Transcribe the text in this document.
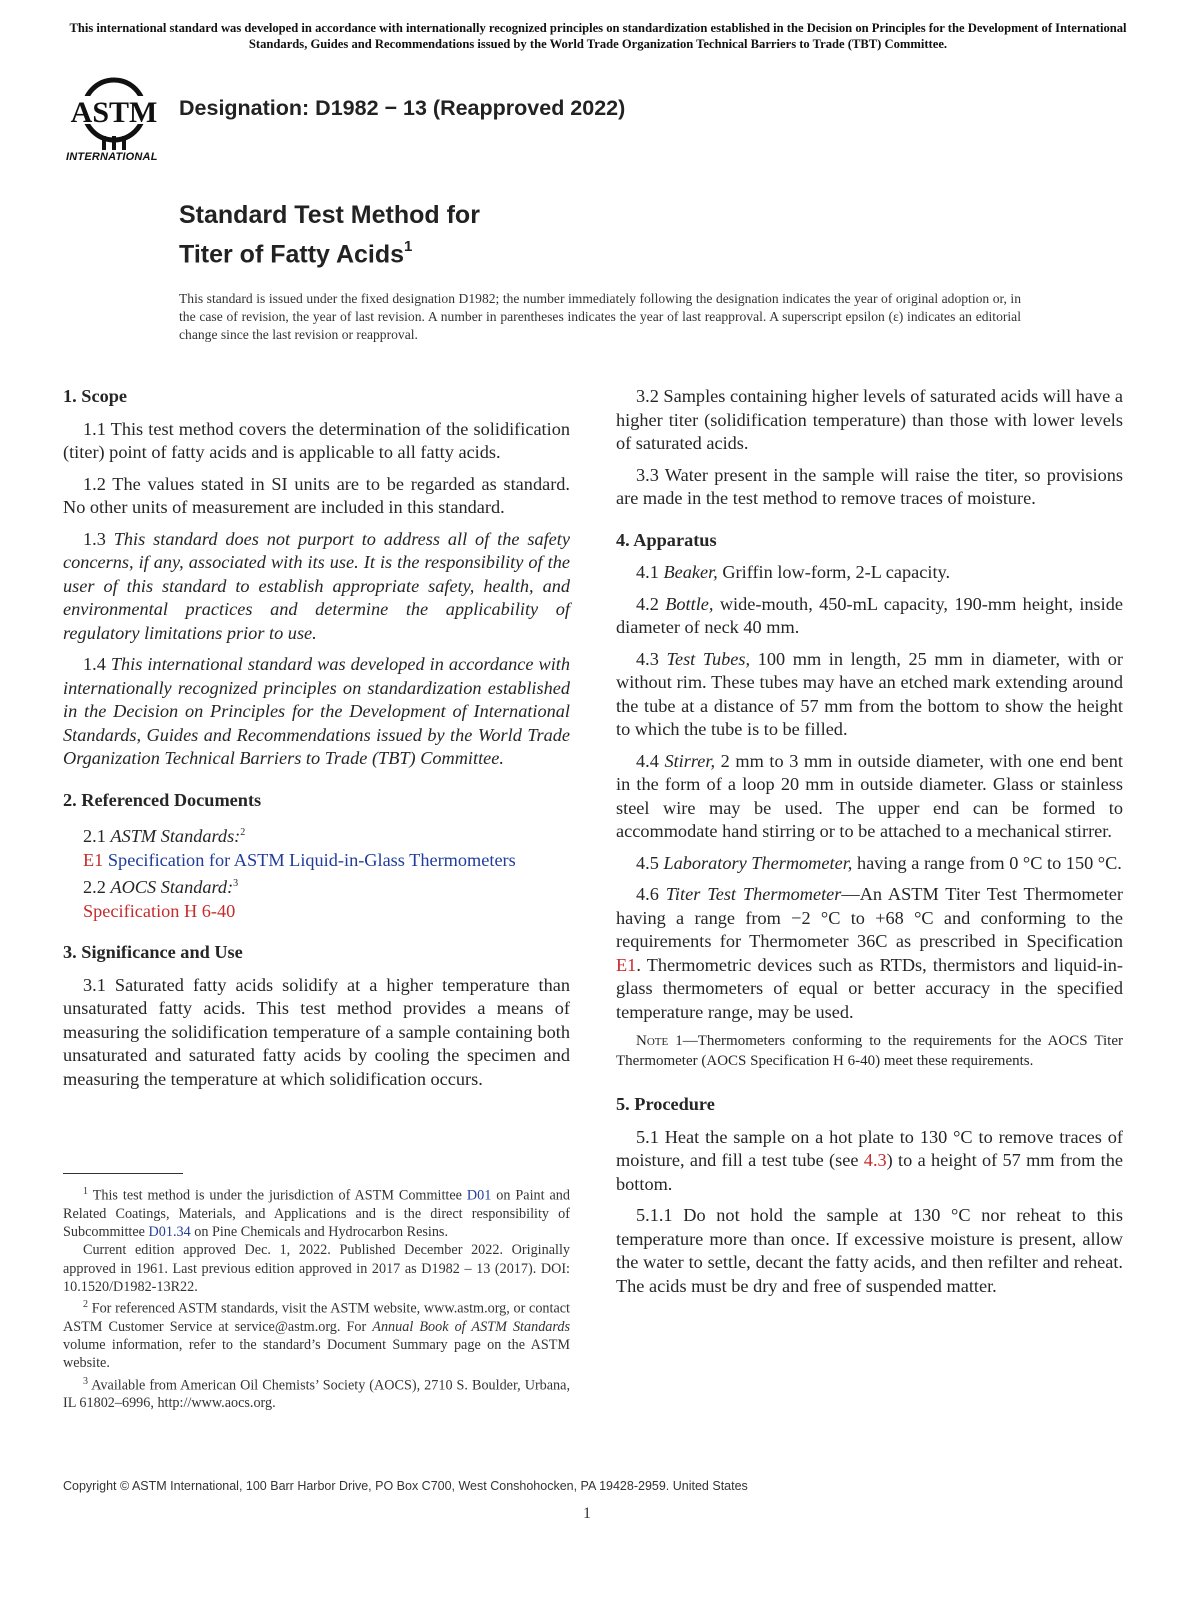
This international standard was developed in accordance with internationally recognized principles on standardization established in the Decision on Principles for the Development of International Standards, Guides and Recommendations issued by the World Trade Organization Technical Barriers to Trade (TBT) Committee.
ASTM
INTERNATIONAL
Designation: D1982 − 13 (Reapproved 2022)
Standard Test Method for
Titer of Fatty Acids$^1$
This standard is issued under the fixed designation D1982; the number immediately following the designation indicates the year of original adoption or, in the case of revision, the year of last revision. A number in parentheses indicates the year of last reapproval. A superscript epsilon (ε) indicates an editorial change since the last revision or reapproval.
1. Scope

1.1 This test method covers the determination of the solidification (titer) point of fatty acids and is applicable to all fatty acids.

1.2 The values stated in SI units are to be regarded as standard. No other units of measurement are included in this standard.

1.3 This standard does not purport to address all of the safety concerns, if any, associated with its use. It is the responsibility of the user of this standard to establish appropriate safety, health, and environmental practices and determine the applicability of regulatory limitations prior to use.

1.4 This international standard was developed in accordance with internationally recognized principles on standardization established in the Decision on Principles for the Development of International Standards, Guides and Recommendations issued by the World Trade Organization Technical Barriers to Trade (TBT) Committee.

2. Referenced Documents

2.1 ASTM Standards:$^2$

E1 Specification for ASTM Liquid-in-Glass Thermometers

2.2 AOCS Standard:$^3$

Specification H 6-40

3. Significance and Use

3.1 Saturated fatty acids solidify at a higher temperature than unsaturated fatty acids. This test method provides a means of measuring the solidification temperature of a sample containing both unsaturated and saturated fatty acids by cooling the specimen and measuring the temperature at which solidification occurs.

$^1$ This test method is under the jurisdiction of ASTM Committee D01 on Paint and Related Coatings, Materials, and Applications and is the direct responsibility of Subcommittee D01.34 on Pine Chemicals and Hydrocarbon Resins.

Current edition approved Dec. 1, 2022. Published December 2022. Originally approved in 1961. Last previous edition approved in 2017 as D1982 – 13 (2017). DOI: 10.1520/D1982-13R22.

$^2$ For referenced ASTM standards, visit the ASTM website, www.astm.org, or contact ASTM Customer Service at service@astm.org. For Annual Book of ASTM Standards volume information, refer to the standard’s Document Summary page on the ASTM website.

$^3$ Available from American Oil Chemists’ Society (AOCS), 2710 S. Boulder, Urbana, IL 61802–6996, http://www.aocs.org.

3.2 Samples containing higher levels of saturated acids will have a higher titer (solidification temperature) than those with lower levels of saturated acids.

3.3 Water present in the sample will raise the titer, so provisions are made in the test method to remove traces of moisture.

4. Apparatus

4.1 Beaker, Griffin low-form, 2-L capacity.

4.2 Bottle, wide-mouth, 450-mL capacity, 190-mm height, inside diameter of neck 40 mm.

4.3 Test Tubes, 100 mm in length, 25 mm in diameter, with or without rim. These tubes may have an etched mark extending around the tube at a distance of 57 mm from the bottom to show the height to which the tube is to be filled.

4.4 Stirrer, 2 mm to 3 mm in outside diameter, with one end bent in the form of a loop 20 mm in outside diameter. Glass or stainless steel wire may be used. The upper end can be formed to accommodate hand stirring or to be attached to a mechanical stirrer.

4.5 Laboratory Thermometer, having a range from 0 °C to 150 °C.

4.6 Titer Test Thermometer—An ASTM Titer Test Thermometer having a range from −2 °C to +68 °C and conforming to the requirements for Thermometer 36C as prescribed in Specification E1. Thermometric devices such as RTDs, thermistors and liquid-in-glass thermometers of equal or better accuracy in the specified temperature range, may be used.

Note 1—Thermometers conforming to the requirements for the AOCS Titer Thermometer (AOCS Specification H 6-40) meet these requirements.

5. Procedure

5.1 Heat the sample on a hot plate to 130 °C to remove traces of moisture, and fill a test tube (see 4.3) to a height of 57 mm from the bottom.

5.1.1 Do not hold the sample at 130 °C nor reheat to this temperature more than once. If excessive moisture is present, allow the water to settle, decant the fatty acids, and then refilter and reheat. The acids must be dry and free of suspended matter.

Copyright © ASTM International, 100 Barr Harbor Drive, PO Box C700, West Conshohocken, PA 19428-2959. United States
1
